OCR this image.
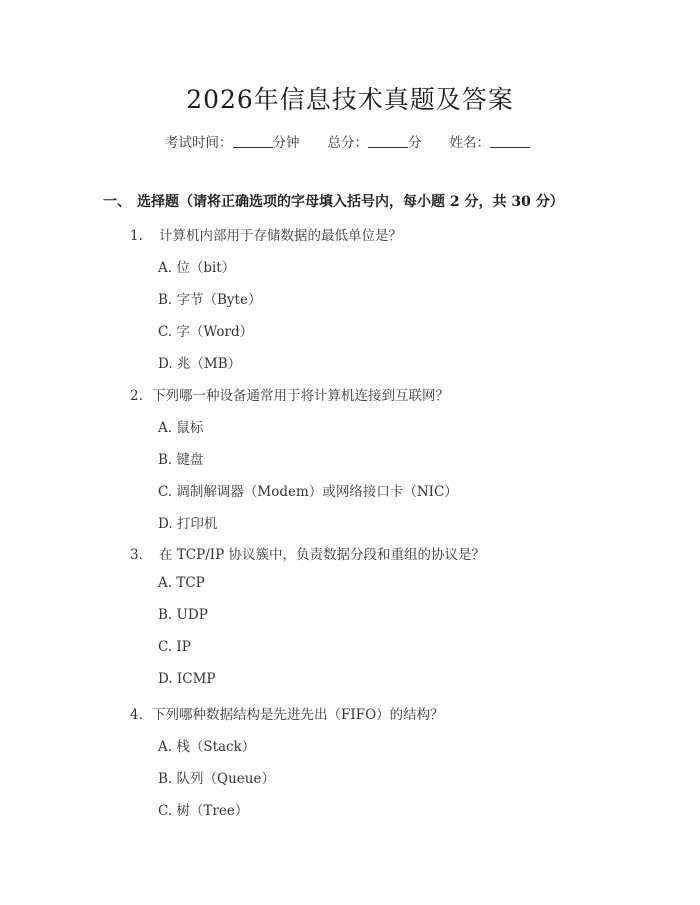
2026年信息技术真题及答案
考试时间：	分钟 总分：	分 姓名：
一、 选择题（请将正确选项的字母填入括号内，每小题 2 分，共 30 分）
1. 计算机内部用于存储数据的最低单位是？
A. 位（bit）
B. 字节（Byte）
C. 字（Word）
D. 兆（MB）
2. 下列哪一种设备通常用于将计算机连接到互联网？
A. 鼠标
B. 键盘
C. 调制解调器（Modem）或网络接口卡（NIC）
D. 打印机
3. 在 TCP/IP 协议簇中，负责数据分段和重组的协议是？
A. TCP
B. UDP
C. IP
D. ICMP
4. 下列哪种数据结构是先进先出（FIFO）的结构？
A. 栈（Stack）
B. 队列（Queue）
C. 树（Tree）
